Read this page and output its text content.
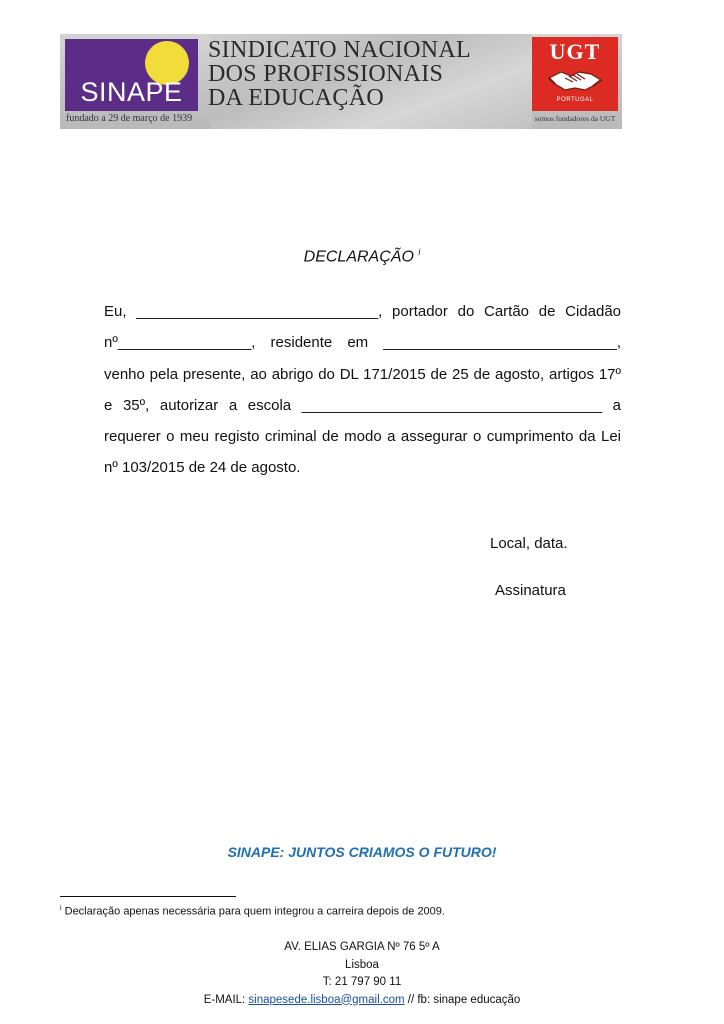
SINAPE
fundado a 29 de março de 1939
SINDICATO NACIONAL
DOS PROFISSIONAIS
DA EDUCAÇÃO
UGT
PORTUGAL
somos fundadores da UGT
DECLARAÇÃO $^i$

Eu, _____________________________, portador do Cartão de Cidadão nº________________, residente em ____________________________, venho pela presente, ao abrigo do DL 171/2015 de 25 de agosto, artigos 17º e 35º, autorizar a escola ____________________________________ a requerer o meu registo criminal de modo a assegurar o cumprimento da Lei nº 103/2015 de 24 de agosto.

Local, data.
Assinatura
SINAPE: JUNTOS CRIAMOS O FUTURO!
$^i$ Declaração apenas necessária para quem integrou a carreira depois de 2009.
AV. ELIAS GARGIA Nº 76 5º A
Lisboa
T: 21 797 90 11
E-MAIL: sinapesede.lisboa@gmail.com // fb: sinape educação
